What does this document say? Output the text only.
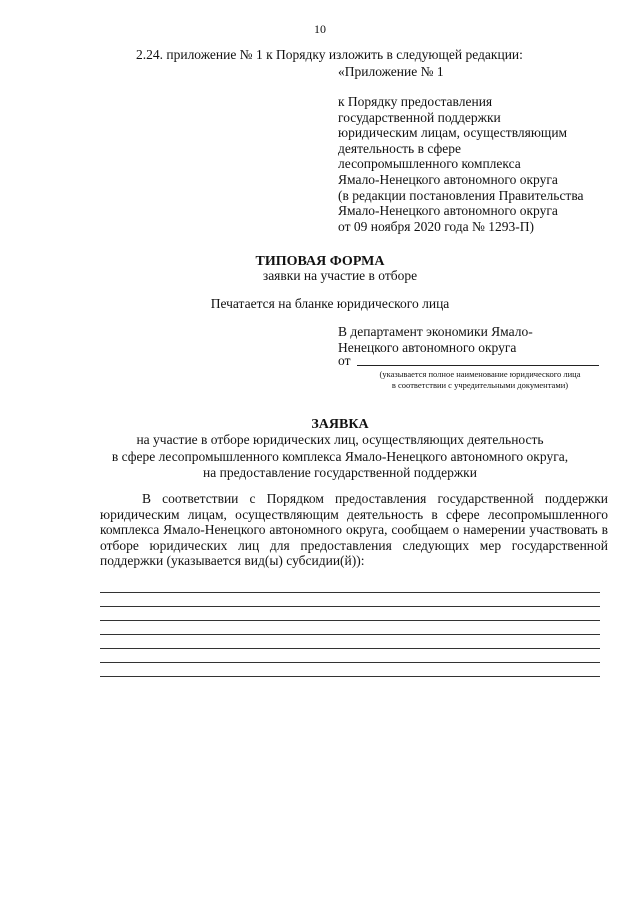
10
2.24. приложение № 1 к Порядку изложить в следующей редакции:
«Приложение № 1
к Порядку предоставления
государственной поддержки
юридическим лицам, осуществляющим
деятельность в сфере
лесопромышленного комплекса
Ямало-Ненецкого автономного округа
(в редакции постановления Правительства
Ямало-Ненецкого автономного округа
от 09 ноября 2020 года № 1293-П)
ТИПОВАЯ ФОРМА
заявки на участие в отборе
Печатается на бланке юридического лица
В департамент экономики Ямало-
Ненецкого автономного округа
от
(указывается полное наименование юридического лица
в соответствии с учредительными документами)
ЗАЯВКА
на участие в отборе юридических лиц, осуществляющих деятельность
в сфере лесопромышленного комплекса Ямало-Ненецкого автономного округа,
на предоставление государственной поддержки
В соответствии с Порядком предоставления государственной поддержки юридическим лицам, осуществляющим деятельность в сфере лесопромышленного комплекса Ямало-Ненецкого автономного округа, сообщаем о намерении участвовать в отборе юридических лиц для предоставления следующих мер государственной поддержки (указывается вид(ы) субсидии(й)):
